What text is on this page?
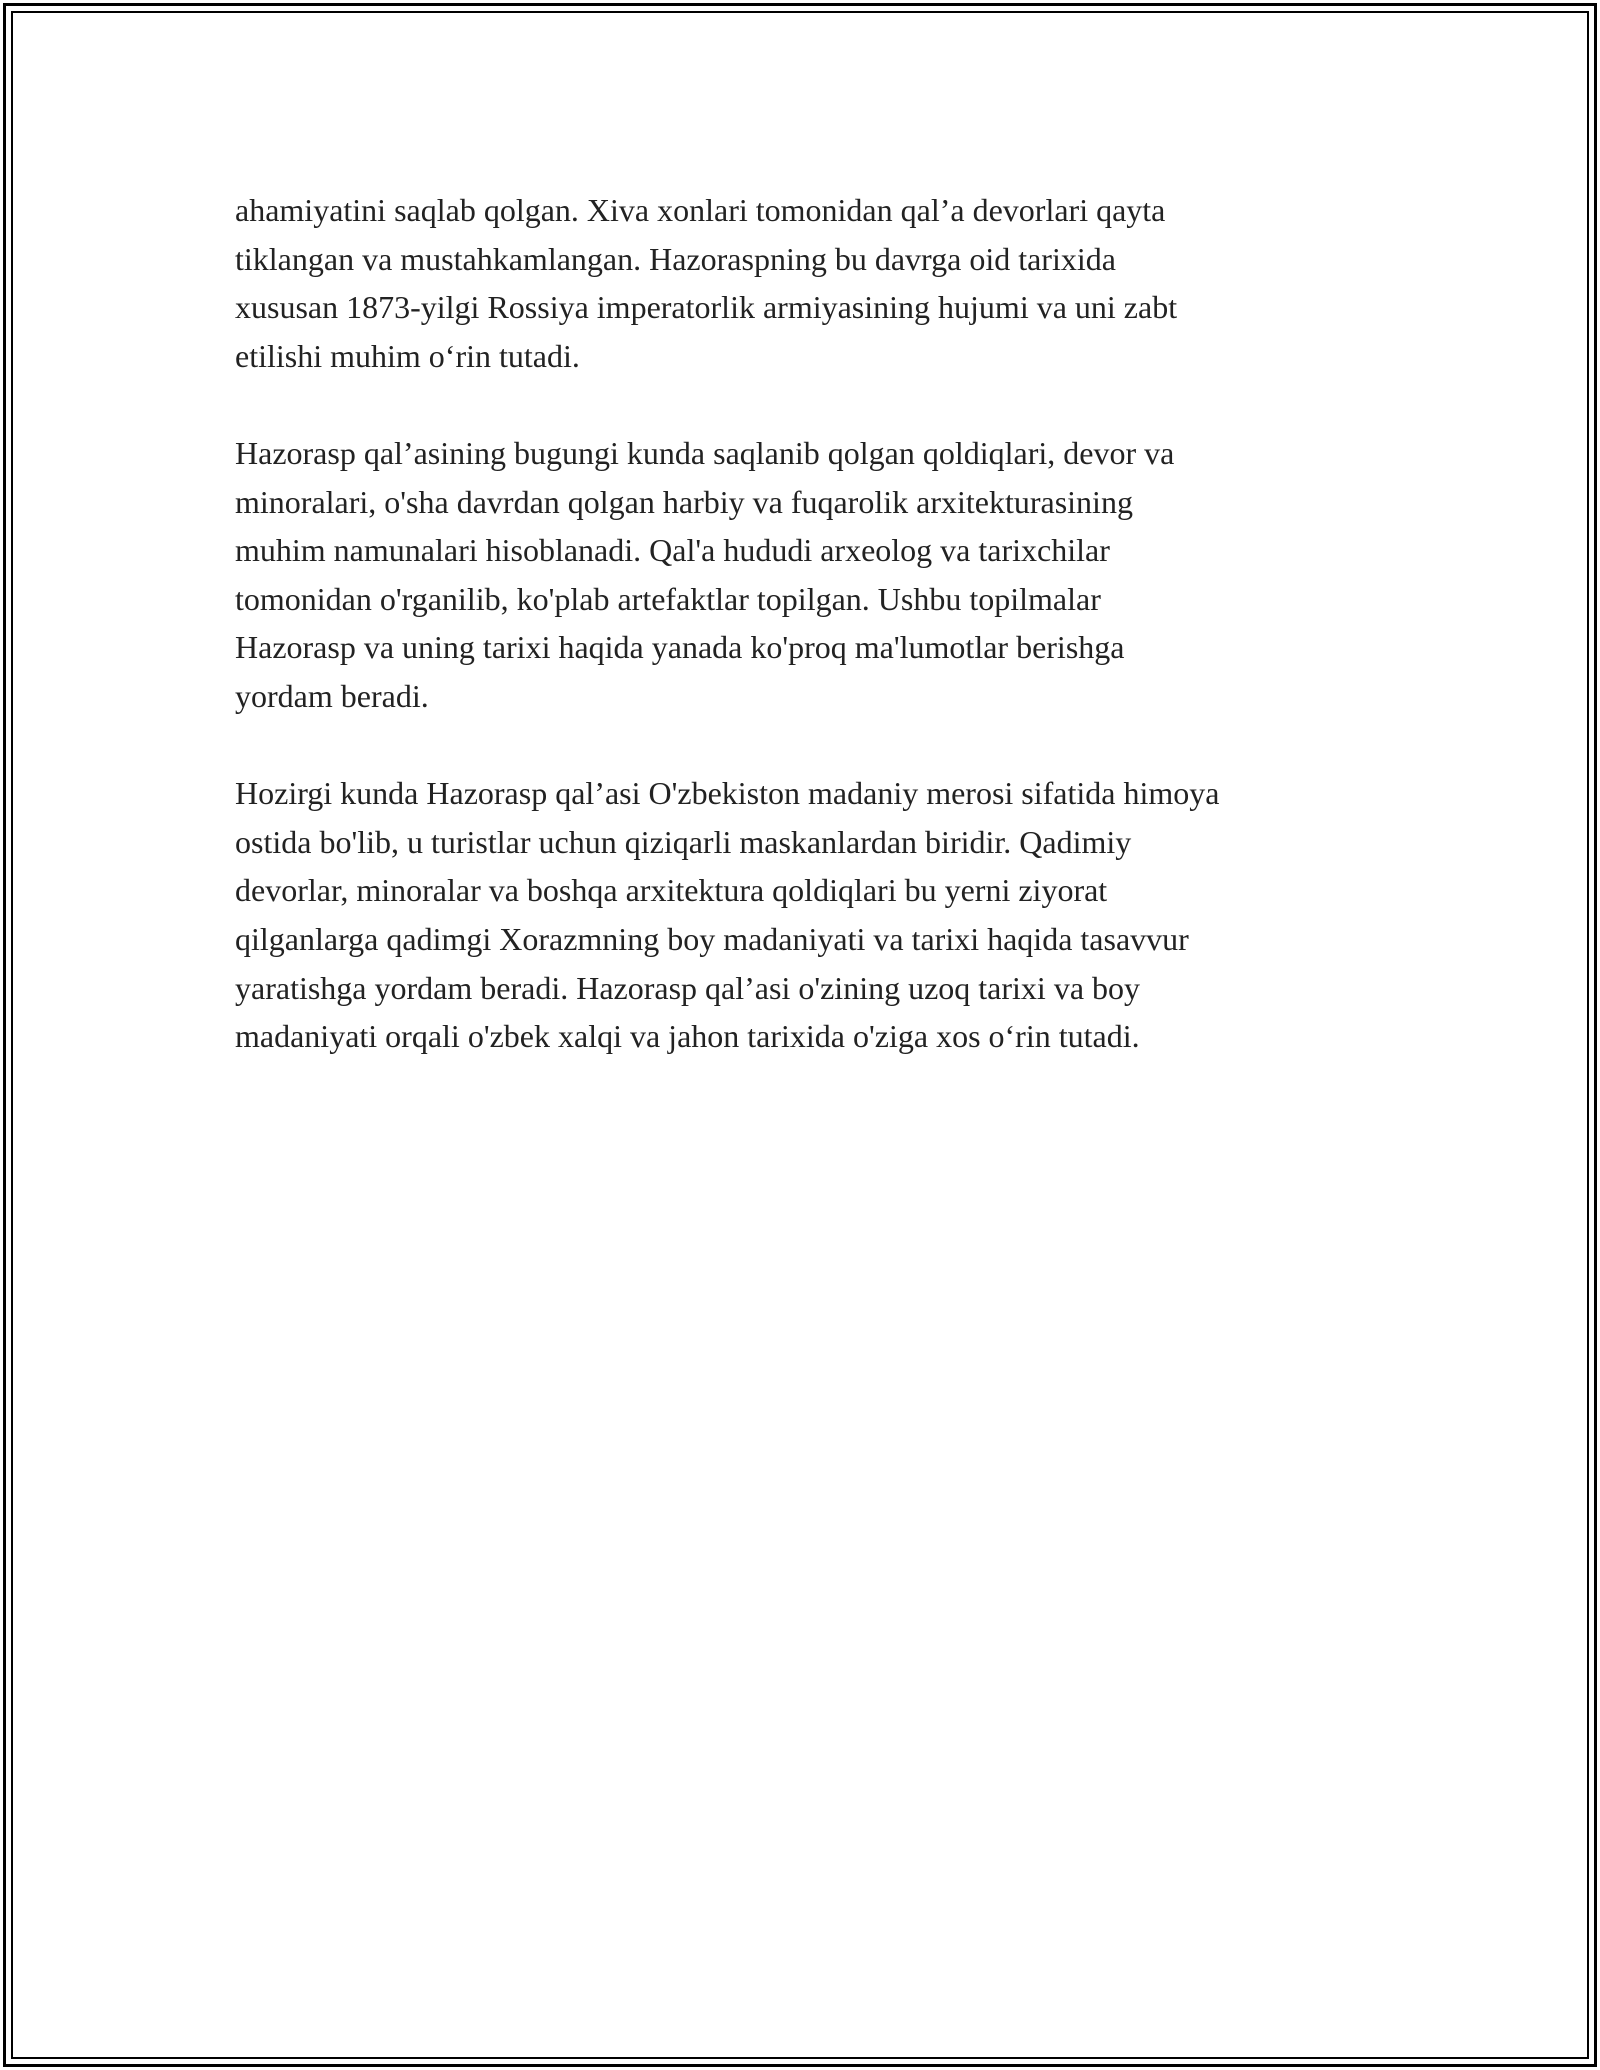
ahamiyatini saqlab qolgan. Xiva xonlari tomonidan qal’a devorlari qayta
tiklangan va mustahkamlangan. Hazoraspning bu davrga oid tarixida
xususan 1873-yilgi Rossiya imperatorlik armiyasining hujumi va uni zabt
etilishi muhim o‘rin tutadi.
Hazorasp qal’asining bugungi kunda saqlanib qolgan qoldiqlari, devor va
minoralari, o'sha davrdan qolgan harbiy va fuqarolik arxitekturasining
muhim namunalari hisoblanadi. Qal'a hududi arxeolog va tarixchilar
tomonidan o'rganilib, ko'plab artefaktlar topilgan. Ushbu topilmalar
Hazorasp va uning tarixi haqida yanada ko'proq ma'lumotlar berishga
yordam beradi.
Hozirgi kunda Hazorasp qal’asi O'zbekiston madaniy merosi sifatida himoya
ostida bo'lib, u turistlar uchun qiziqarli maskanlardan biridir. Qadimiy
devorlar, minoralar va boshqa arxitektura qoldiqlari bu yerni ziyorat
qilganlarga qadimgi Xorazmning boy madaniyati va tarixi haqida tasavvur
yaratishga yordam beradi. Hazorasp qal’asi o'zining uzoq tarixi va boy
madaniyati orqali o'zbek xalqi va jahon tarixida o'ziga xos o‘rin tutadi.
